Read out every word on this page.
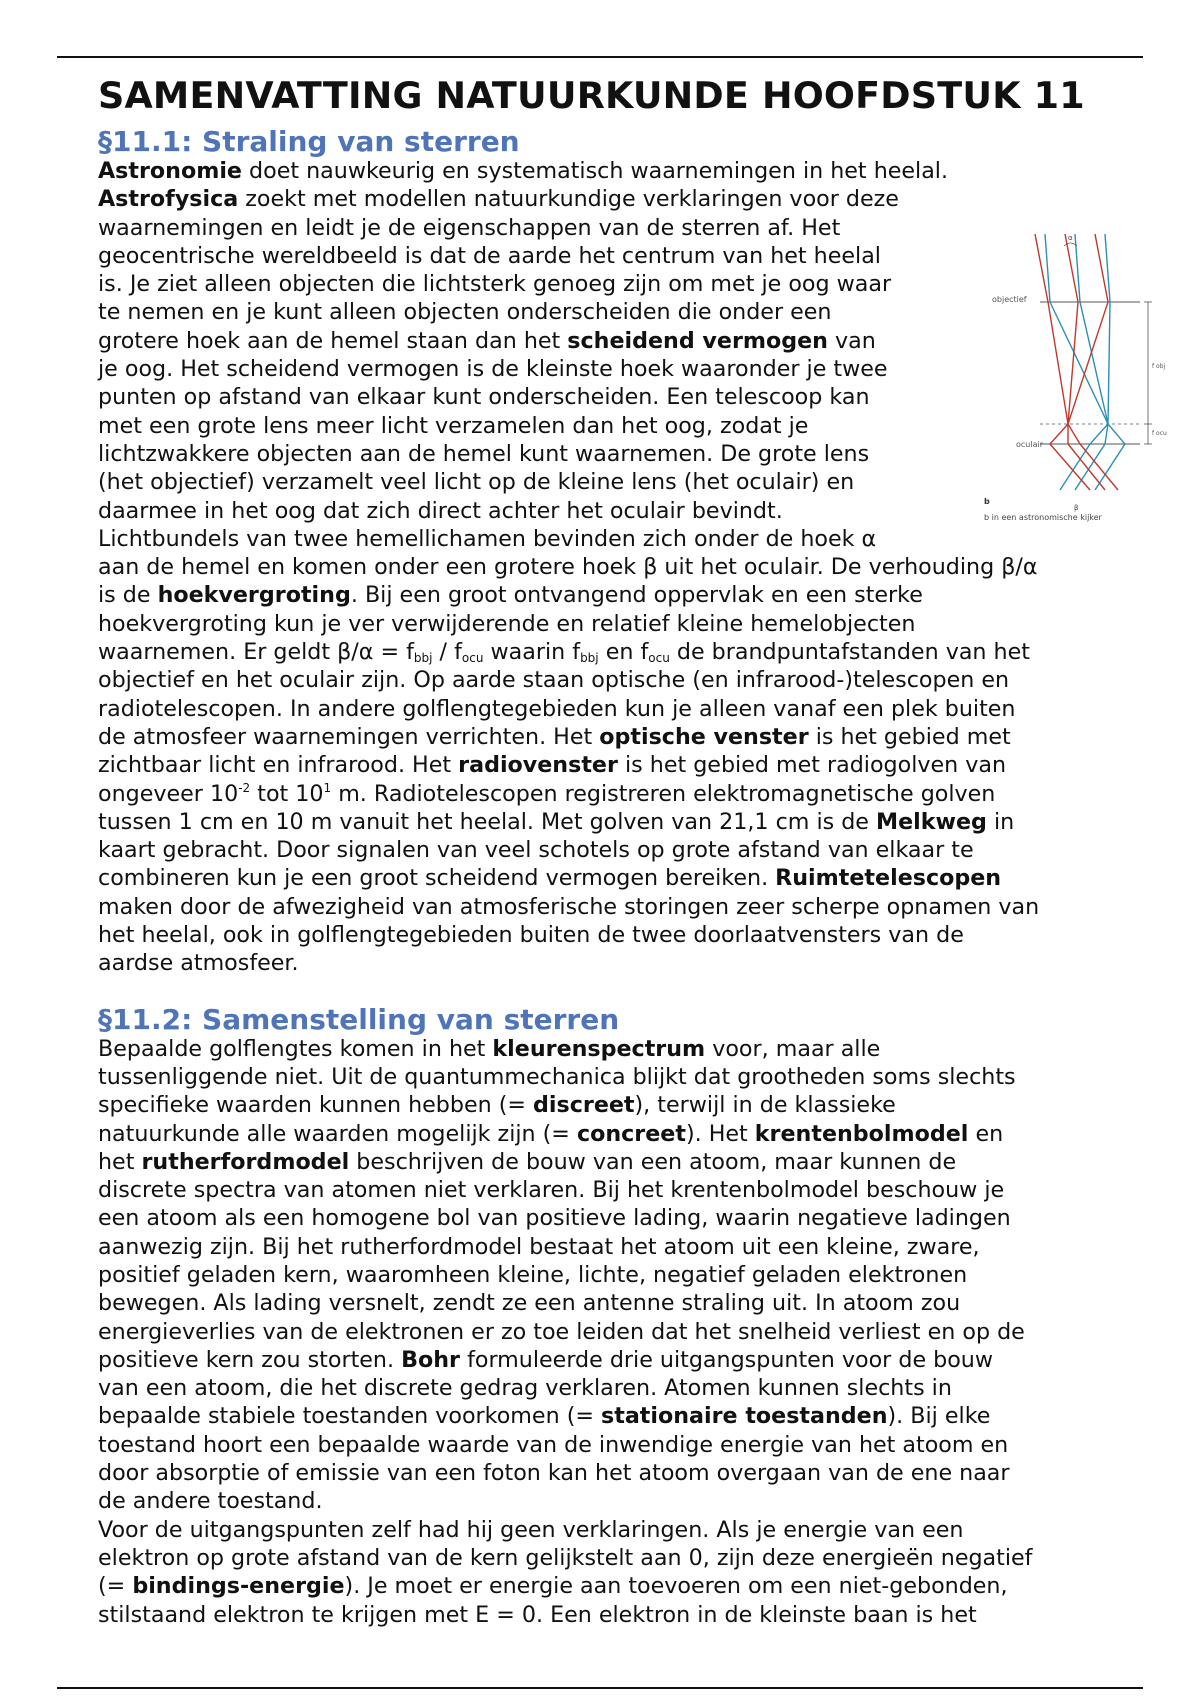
SAMENVATTING NATUURKUNDE HOOFDSTUK 11
§11.1: Straling van sterren
Astronomie doet nauwkeurig en systematisch waarnemingen in het heelal.
Astrofysica zoekt met modellen natuurkundige verklaringen voor deze
waarnemingen en leidt je de eigenschappen van de sterren af. Het
geocentrische wereldbeeld is dat de aarde het centrum van het heelal
is. Je ziet alleen objecten die lichtsterk genoeg zijn om met je oog waar
te nemen en je kunt alleen objecten onderscheiden die onder een
grotere hoek aan de hemel staan dan het scheidend vermogen van
je oog. Het scheidend vermogen is de kleinste hoek waaronder je twee
punten op afstand van elkaar kunt onderscheiden. Een telescoop kan
met een grote lens meer licht verzamelen dan het oog, zodat je
lichtzwakkere objecten aan de hemel kunt waarnemen. De grote lens
(het objectief) verzamelt veel licht op de kleine lens (het oculair) en
daarmee in het oog dat zich direct achter het oculair bevindt.
Lichtbundels van twee hemellichamen bevinden zich onder de hoek α
aan de hemel en komen onder een grotere hoek β uit het oculair. De verhouding β/α
is de hoekvergroting. Bij een groot ontvangend oppervlak en een sterke
hoekvergroting kun je ver verwijderende en relatief kleine hemelobjecten
waarnemen. Er geldt $\beta/\alpha = f_{bbj} / f_{ocu}$ waarin $f_{bbj}$ en $f_{ocu}$ de brandpuntafstanden van het
objectief en het oculair zijn. Op aarde staan optische (en infrarood-)telescopen en
radiotelescopen. In andere golflengtegebieden kun je alleen vanaf een plek buiten
de atmosfeer waarnemingen verrichten. Het optische venster is het gebied met
zichtbaar licht en infrarood. Het radiovenster is het gebied met radiogolven van
ongeveer $10^{-2}$ tot $10^1$ m. Radiotelescopen registreren elektromagnetische golven
tussen 1 cm en 10 m vanuit het heelal. Met golven van 21,1 cm is de Melkweg in
kaart gebracht. Door signalen van veel schotels op grote afstand van elkaar te
combineren kun je een groot scheidend vermogen bereiken. Ruimtetelescopen
maken door de afwezigheid van atmosferische storingen zeer scherpe opnamen van
het heelal, ook in golflengtegebieden buiten de twee doorlaatvensters van de
aardse atmosfeer.
§11.2: Samenstelling van sterren
Bepaalde golflengtes komen in het kleurenspectrum voor, maar alle
tussenliggende niet. Uit de quantummechanica blijkt dat grootheden soms slechts
specifieke waarden kunnen hebben (= discreet), terwijl in de klassieke
natuurkunde alle waarden mogelijk zijn (= concreet). Het krentenbolmodel en
het rutherfordmodel beschrijven de bouw van een atoom, maar kunnen de
discrete spectra van atomen niet verklaren. Bij het krentenbolmodel beschouw je
een atoom als een homogene bol van positieve lading, waarin negatieve ladingen
aanwezig zijn. Bij het rutherfordmodel bestaat het atoom uit een kleine, zware,
positief geladen kern, waaromheen kleine, lichte, negatief geladen elektronen
bewegen. Als lading versnelt, zendt ze een antenne straling uit. In atoom zou
energieverlies van de elektronen er zo toe leiden dat het snelheid verliest en op de
positieve kern zou storten. Bohr formuleerde drie uitgangspunten voor de bouw
van een atoom, die het discrete gedrag verklaren. Atomen kunnen slechts in
bepaalde stabiele toestanden voorkomen (= stationaire toestanden). Bij elke
toestand hoort een bepaalde waarde van de inwendige energie van het atoom en
door absorptie of emissie van een foton kan het atoom overgaan van de ene naar
de andere toestand.
Voor de uitgangspunten zelf had hij geen verklaringen. Als je energie van een
elektron op grote afstand van de kern gelijkstelt aan 0, zijn deze energieën negatief
(= bindings-energie). Je moet er energie aan toevoeren om een niet-gebonden,
stilstaand elektron te krijgen met E = 0. Een elektron in de kleinste baan is het
α
β
objectief
oculair
f obj
f ocu
b
b in een astronomische kijker
